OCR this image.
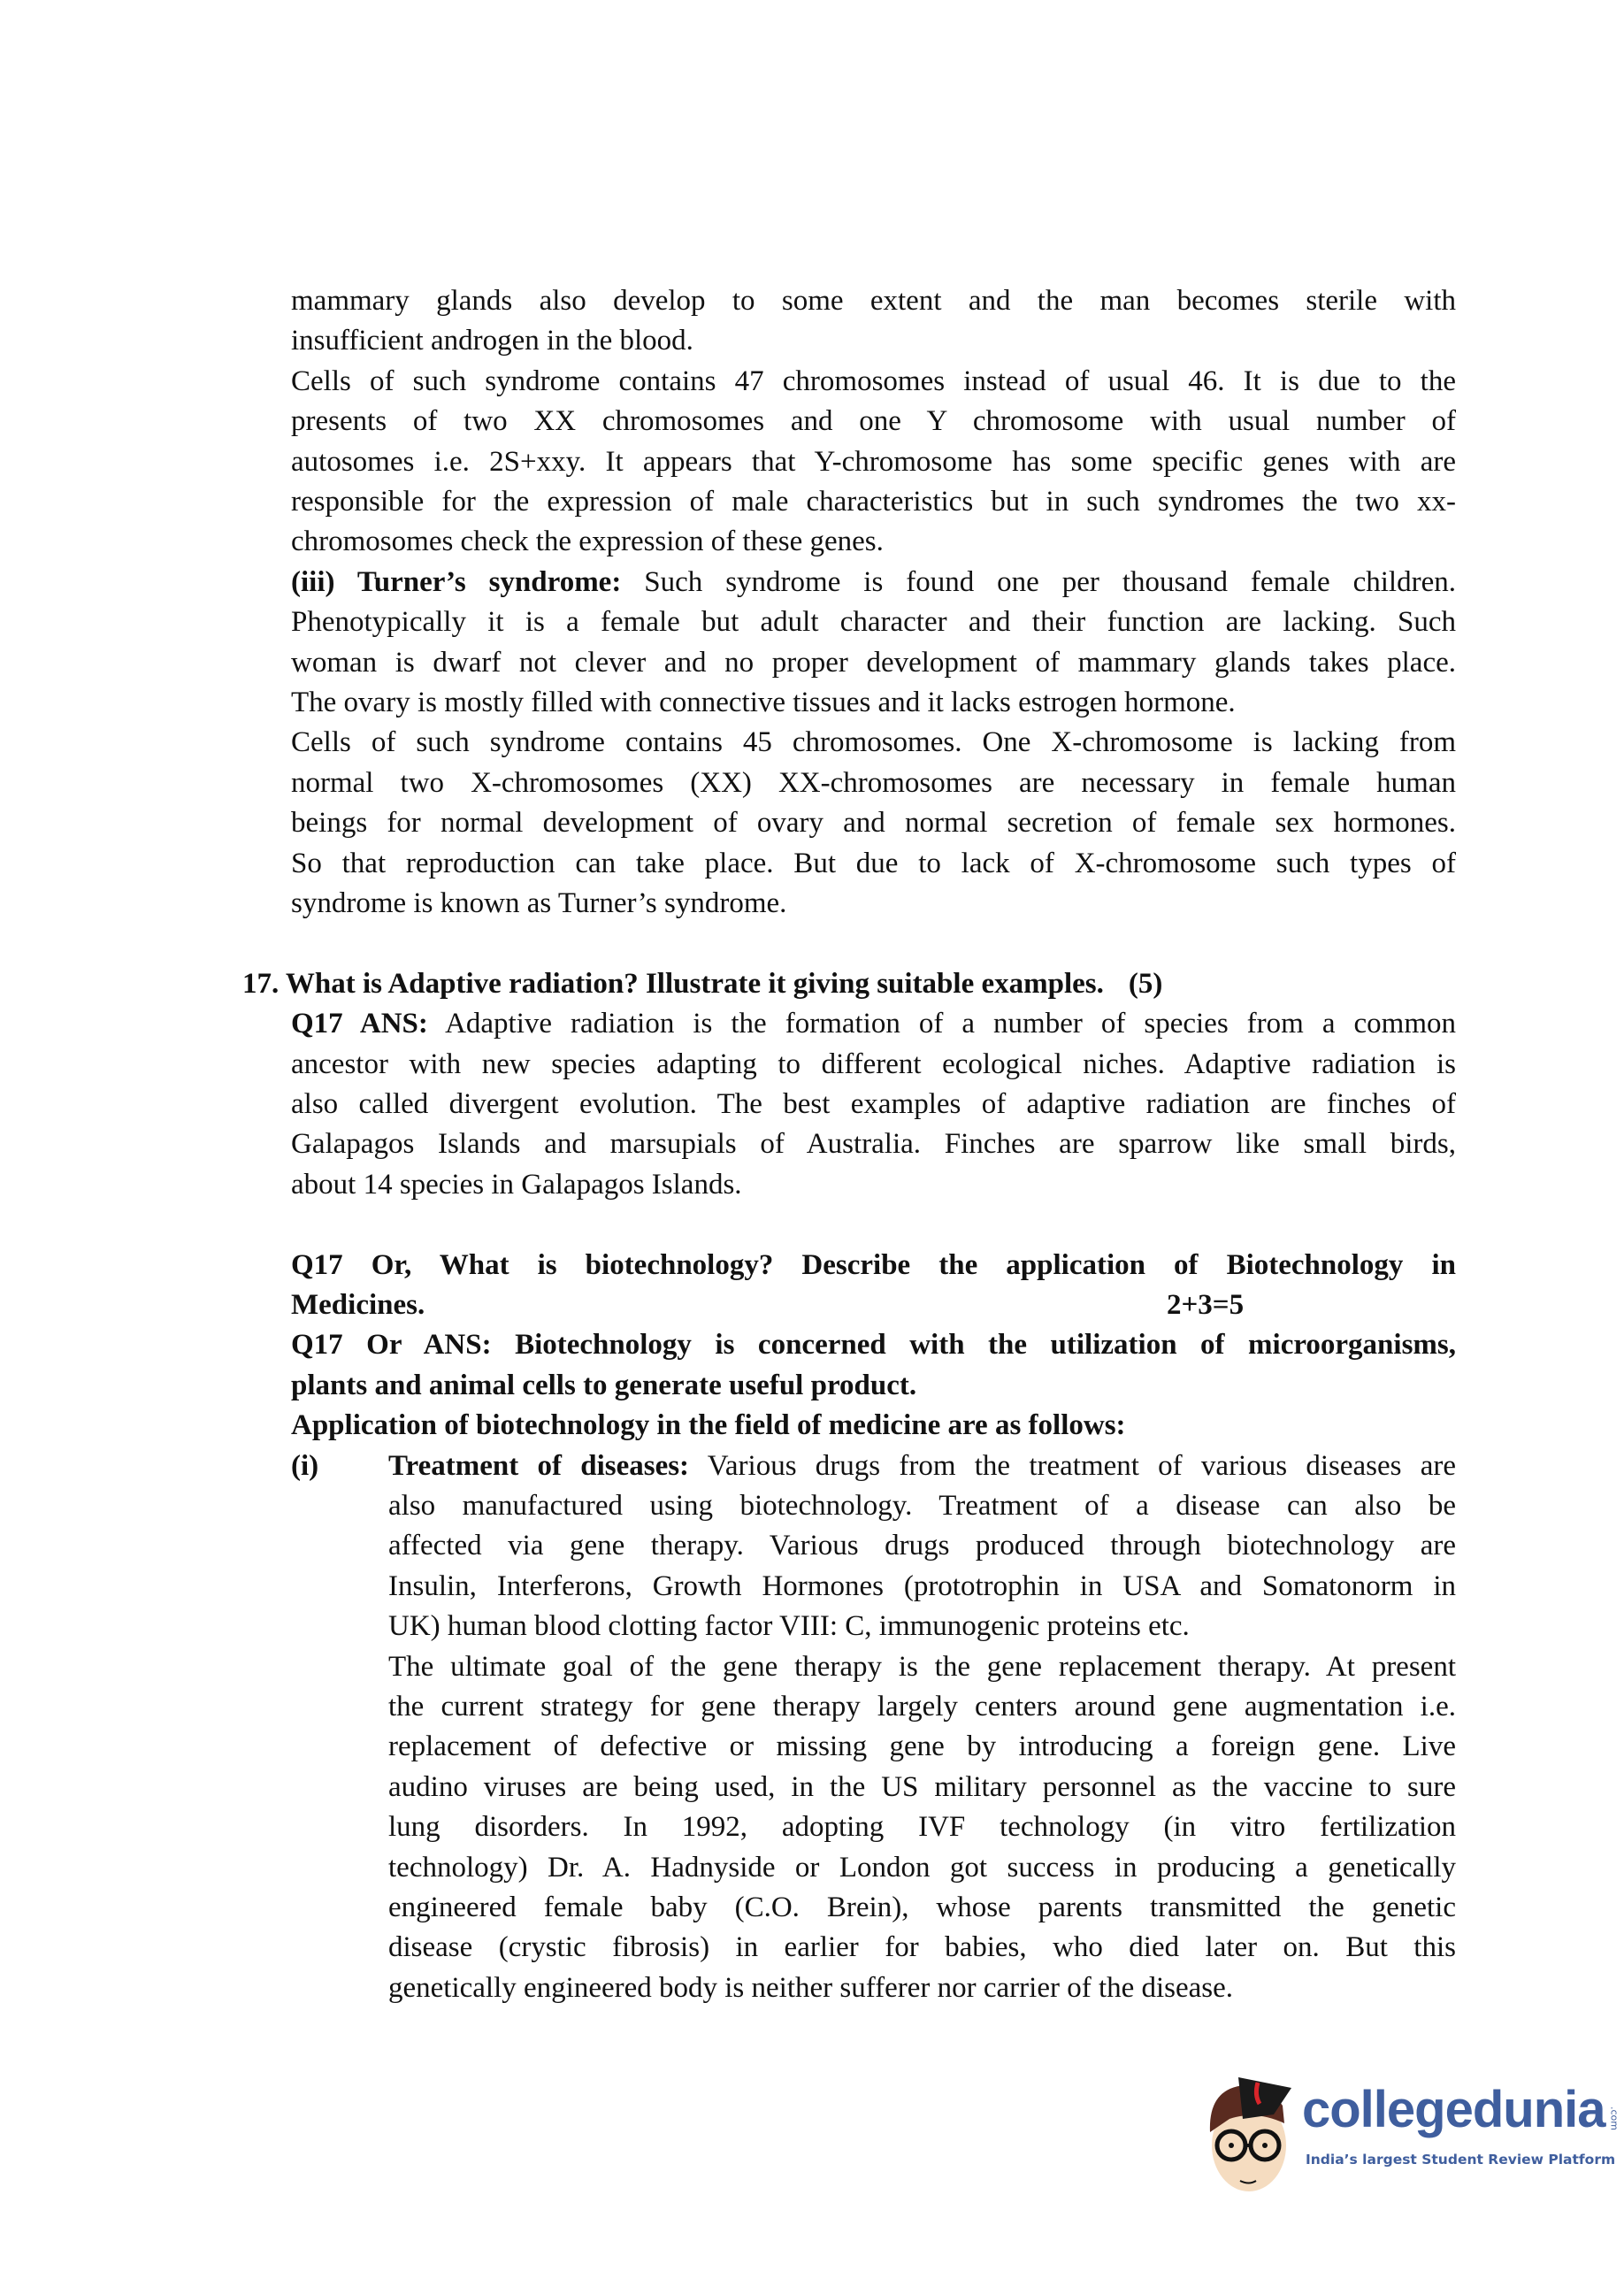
mammary glands also develop to some extent and the man becomes sterile with
insufficient androgen in the blood.
Cells of such syndrome contains 47 chromosomes instead of usual 46. It is due to the
presents of two XX chromosomes and one Y chromosome with usual number of
autosomes i.e. 2S+xxy. It appears that Y-chromosome has some specific genes with are
responsible for the expression of male characteristics but in such syndromes the two xx-
chromosomes check the expression of these genes.
(iii) Turner’s syndrome: Such syndrome is found one per thousand female children.
Phenotypically it is a female but adult character and their function are lacking. Such
woman is dwarf not clever and no proper development of mammary glands takes place.
The ovary is mostly filled with connective tissues and it lacks estrogen hormone.
Cells of such syndrome contains 45 chromosomes. One X-chromosome is lacking from
normal two X-chromosomes (XX) XX-chromosomes are necessary in female human
beings for normal development of ovary and normal secretion of female sex hormones.
So that reproduction can take place. But due to lack of X-chromosome such types of
syndrome is known as Turner’s syndrome.
17. What is Adaptive radiation? Illustrate it giving suitable examples. (5)
Q17 ANS: Adaptive radiation is the formation of a number of species from a common
ancestor with new species adapting to different ecological niches. Adaptive radiation is
also called divergent evolution. The best examples of adaptive radiation are finches of
Galapagos Islands and marsupials of Australia. Finches are sparrow like small birds,
about 14 species in Galapagos Islands.
Q17 Or, What is biotechnology? Describe the application of Biotechnology in
Medicines.	2+3=5
Q17 Or ANS: Biotechnology is concerned with the utilization of microorganisms,
plants and animal cells to generate useful product.
Application of biotechnology in the field of medicine are as follows:
(i) Treatment of diseases: Various drugs from the treatment of various diseases are
also manufactured using biotechnology. Treatment of a disease can also be
affected via gene therapy. Various drugs produced through biotechnology are
Insulin, Interferons, Growth Hormones (prototrophin in USA and Somatonorm in
UK) human blood clotting factor VIII: C, immunogenic proteins etc.
The ultimate goal of the gene therapy is the gene replacement therapy. At present
the current strategy for gene therapy largely centers around gene augmentation i.e.
replacement of defective or missing gene by introducing a foreign gene. Live
audino viruses are being used, in the US military personnel as the vaccine to sure
lung disorders. In 1992, adopting IVF technology (in vitro fertilization
technology) Dr. A. Hadnyside or London got success in producing a genetically
engineered female baby (C.O. Brein), whose parents transmitted the genetic
disease (crystic fibrosis) in earlier for babies, who died later on. But this
genetically engineered body is neither sufferer nor carrier of the disease.
collegedunia .com
India’s largest Student Review Platform
